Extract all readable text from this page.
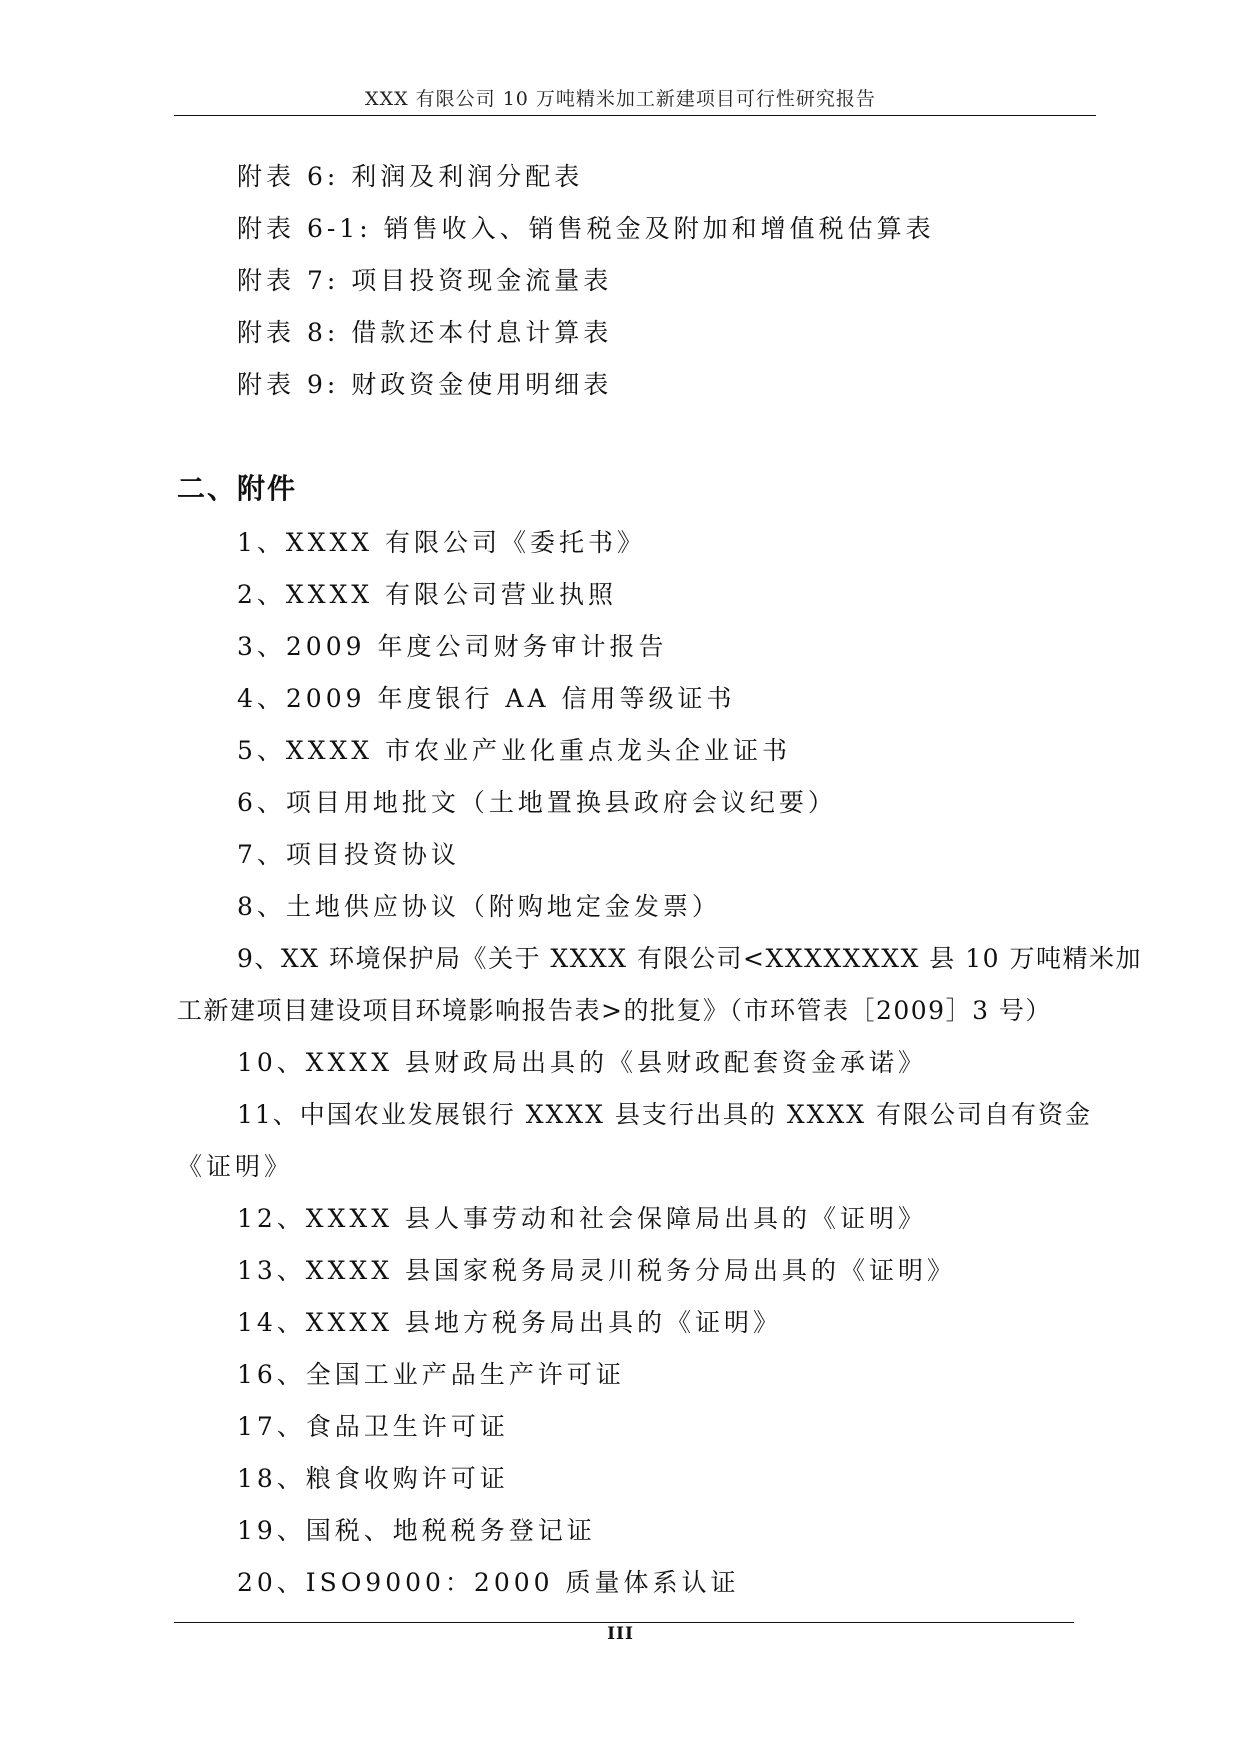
XXX 有限公司 10 万吨精米加工新建项目可行性研究报告
附表 6: 利润及利润分配表
附表 6-1: 销售收入、销售税金及附加和增值税估算表
附表 7: 项目投资现金流量表
附表 8: 借款还本付息计算表
附表 9: 财政资金使用明细表
二、附件
1、XXXX 有限公司《委托书》
2、XXXX 有限公司营业执照
3、2009 年度公司财务审计报告
4、2009 年度银行 AA 信用等级证书
5、XXXX 市农业产业化重点龙头企业证书
6、项目用地批文（土地置换县政府会议纪要）
7、项目投资协议
8、土地供应协议（附购地定金发票）
9、XX 环境保护局《关于 XXXX 有限公司<XXXXXXXX 县 10 万吨精米加
工新建项目建设项目环境影响报告表>的批复》（市环管表［2009］3 号）
10、XXXX 县财政局出具的《县财政配套资金承诺》
11、中国农业发展银行 XXXX 县支行出具的 XXXX 有限公司自有资金
《证明》
12、XXXX 县人事劳动和社会保障局出具的《证明》
13、XXXX 县国家税务局灵川税务分局出具的《证明》
14、XXXX 县地方税务局出具的《证明》
16、全国工业产品生产许可证
17、食品卫生许可证
18、粮食收购许可证
19、国税、地税税务登记证
20、ISO9000：2000 质量体系认证
III
